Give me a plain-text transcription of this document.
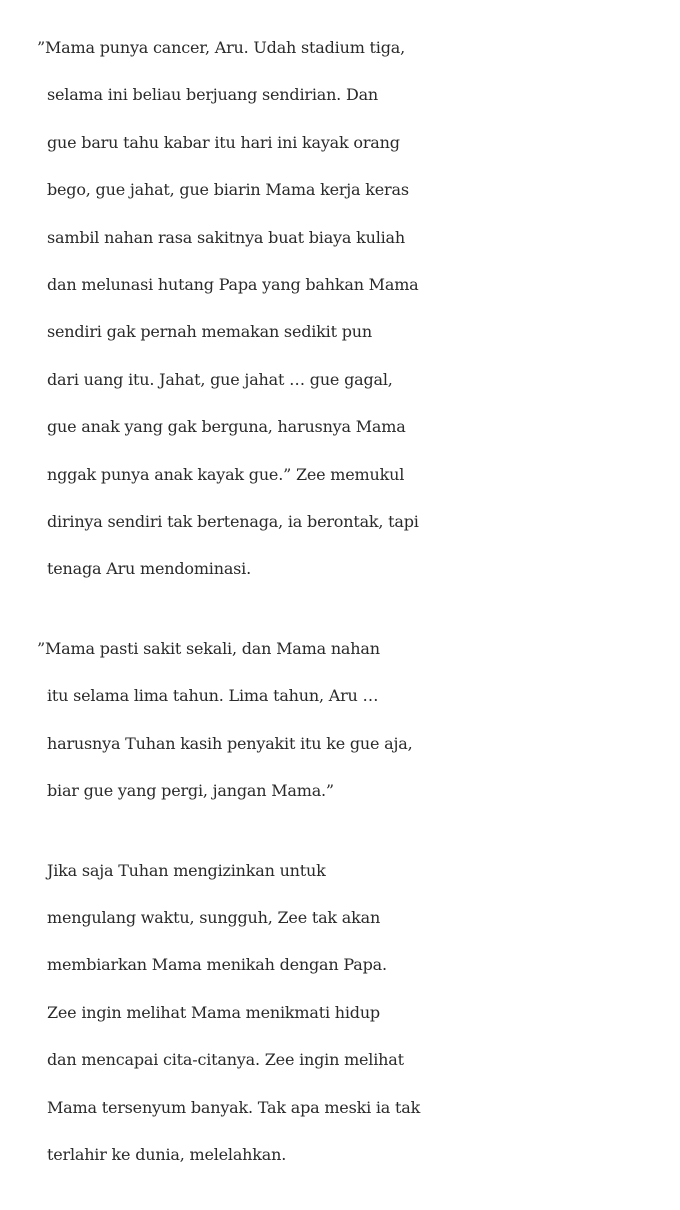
”Mama punya cancer, Aru. Udah stadium tiga,
selama ini beliau berjuang sendirian. Dan
gue baru tahu kabar itu hari ini kayak orang
bego, gue jahat, gue biarin Mama kerja keras
sambil nahan rasa sakitnya buat biaya kuliah
dan melunasi hutang Papa yang bahkan Mama
sendiri gak pernah memakan sedikit pun
dari uang itu. Jahat, gue jahat … gue gagal,
gue anak yang gak berguna, harusnya Mama
nggak punya anak kayak gue.” Zee memukul
dirinya sendiri tak bertenaga, ia berontak, tapi
tenaga Aru mendominasi.

”Mama pasti sakit sekali, dan Mama nahan
itu selama lima tahun. Lima tahun, Aru …
harusnya Tuhan kasih penyakit itu ke gue aja,
biar gue yang pergi, jangan Mama.”

Jika saja Tuhan mengizinkan untuk
mengulang waktu, sungguh, Zee tak akan
membiarkan Mama menikah dengan Papa.
Zee ingin melihat Mama menikmati hidup
dan mencapai cita-citanya. Zee ingin melihat
Mama tersenyum banyak. Tak apa meski ia tak
terlahir ke dunia, melelahkan.
